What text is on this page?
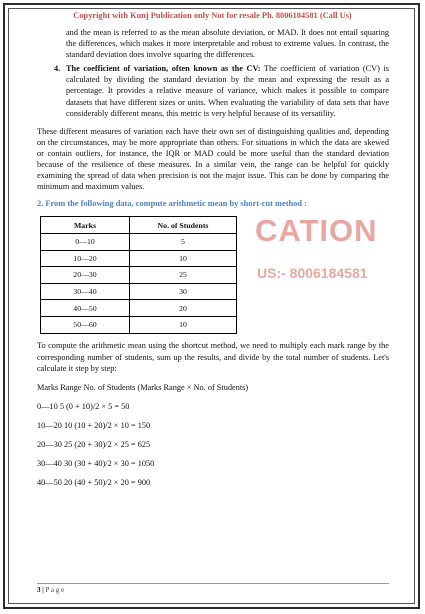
Copyright with Kunj Publication only Not for resale Ph. 8006184581 (Call Us)

and the mean is referred to as the mean absolute deviation, or MAD. It does not entail squaring the differences, which makes it more interpretable and robust to extreme values. In contrast, the standard deviation does involve squaring the differences.

4. The coefficient of variation, often known as the CV: The coefficient of variation (CV) is calculated by dividing the standard deviation by the mean and expressing the result as a percentage. It provides a relative measure of variance, which makes it possible to compare datasets that have different sizes or units. When evaluating the variability of data sets that have considerably different means, this metric is very helpful because of its versatility.

These different measures of variation each have their own set of distinguishing qualities and, depending on the circumstances, may be more appropriate than others. For situations in which the data are skewed or contain outliers, for instance, the IQR or MAD could be more useful than the standard deviation because of the resilience of these measures. In a similar vein, the range can be helpful for quickly examining the spread of data when precision is not the major issue. This can be done by comparing the minimum and maximum values.

2. From the following data, compute arithmetic mean by short-cut method :

Marks	No. of Students
0—10	5
10—20	10
20—30	25
30—40	30
40—50	20
50—60	10
CATION
US:- 8006184581

To compute the arithmetic mean using the shortcut method, we need to multiply each mark range by the corresponding number of students, sum up the results, and divide by the total number of students. Let's calculate it step by step:

Marks Range No. of Students (Marks Range × No. of Students)

0—10 5 (0 + 10)/2 × 5 = 50

10—20 10 (10 + 20)/2 × 10 = 150

20—30 25 (20 + 30)/2 × 25 = 625

30—40 30 (30 + 40)/2 × 30 = 1050

40—50 20 (40 + 50)/2 × 20 = 900

3 | P a g e
